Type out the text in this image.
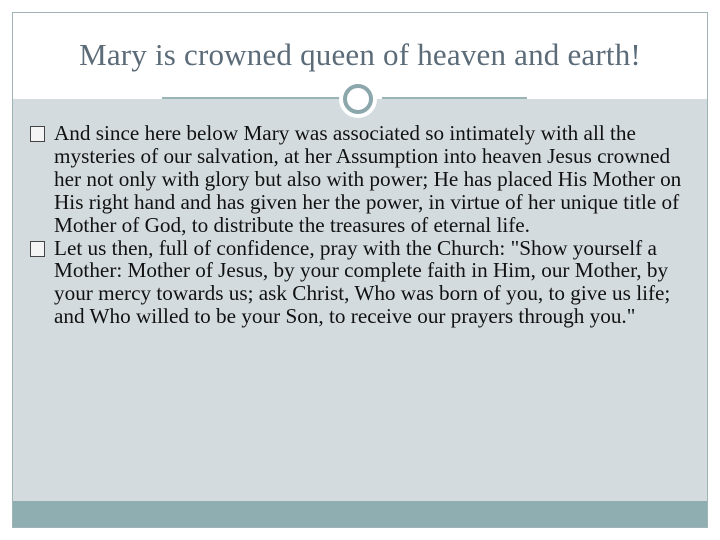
Mary is crowned queen of heaven and earth!
And since here below Mary was associated so intimately with all the mysteries of our salvation, at her Assumption into heaven Jesus crowned her not only with glory but also with power; He has placed His Mother on His right hand and has given her the power, in virtue of her unique title of Mother of God, to distribute the treasures of eternal life.
Let us then, full of confidence, pray with the Church: "Show yourself a Mother: Mother of Jesus, by your complete faith in Him, our Mother, by your mercy towards us; ask Christ, Who was born of you, to give us life; and Who willed to be your Son, to receive our prayers through you."
